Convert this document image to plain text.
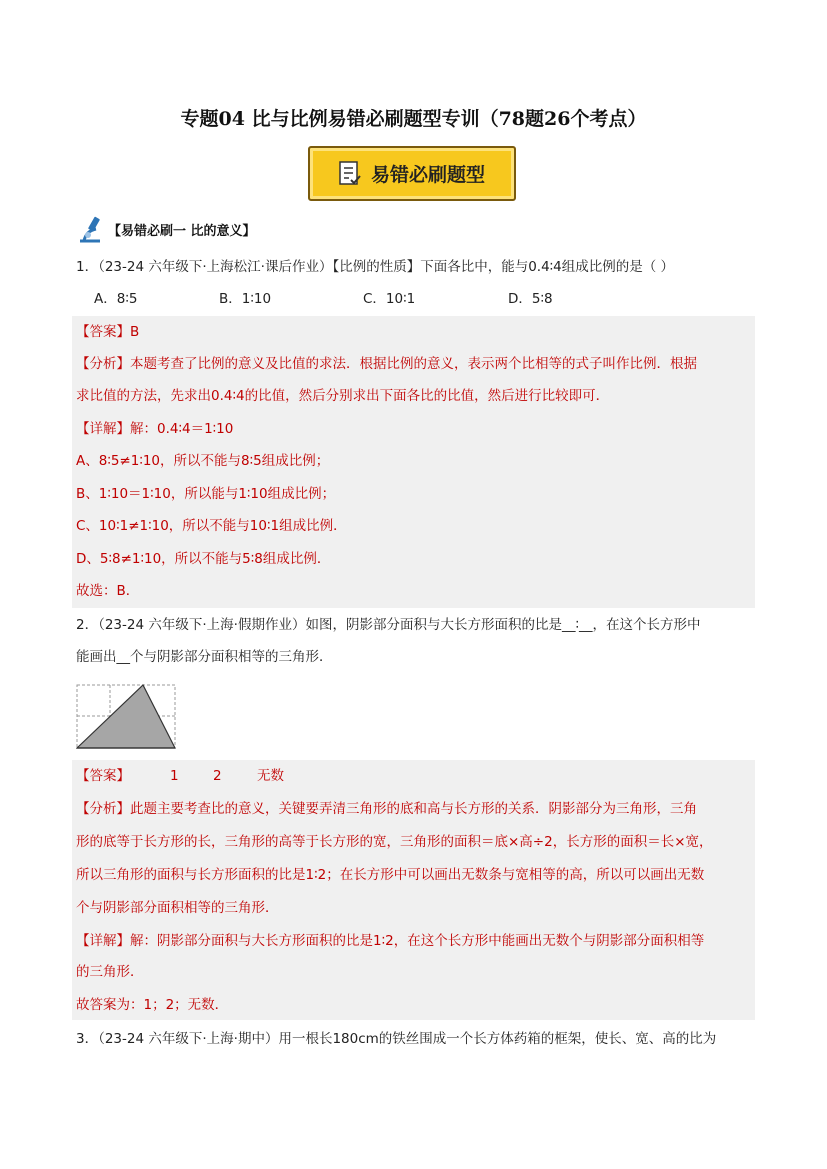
专题04 比与比例易错必刷题型专训（78题26个考点）
易错必刷题型
【易错必刷一 比的意义】
1．（23-24 六年级下·上海松江·课后作业）【比例的性质】下面各比中，能与0.4∶4组成比例的是（ ）
A．8∶5	B．1∶10	C．10∶1	D．5∶8
【答案】B
【分析】本题考查了比例的意义及比值的求法．根据比例的意义，表示两个比相等的式子叫作比例．根据
求比值的方法，先求出0.4∶4的比值，然后分别求出下面各比的比值，然后进行比较即可．
【详解】解：0.4∶4＝1∶10
A、8∶5≠1∶10，所以不能与8∶5组成比例；
B、1∶10＝1∶10，所以能与1∶10组成比例；
C、10∶1≠1∶10，所以不能与10∶1组成比例．
D、5∶8≠1∶10，所以不能与5∶8组成比例．
故选：B．
2．（23-24 六年级下·上海·假期作业）如图，阴影部分面积与大长方形面积的比是__∶__，在这个长方形中
能画出__个与阴影部分面积相等的三角形．
【答案】	1	2	无数
【分析】此题主要考查比的意义，关键要弄清三角形的底和高与长方形的关系．阴影部分为三角形，三角
形的底等于长方形的长，三角形的高等于长方形的宽，三角形的面积＝底×高÷2，长方形的面积＝长×宽，
所以三角形的面积与长方形面积的比是1∶2；在长方形中可以画出无数条与宽相等的高，所以可以画出无数
个与阴影部分面积相等的三角形．
【详解】解：阴影部分面积与大长方形面积的比是1∶2，在这个长方形中能画出无数个与阴影部分面积相等
的三角形．
故答案为：1；2；无数．
3．（23-24 六年级下·上海·期中）用一根长180cm的铁丝围成一个长方体药箱的框架，使长、宽、高的比为
